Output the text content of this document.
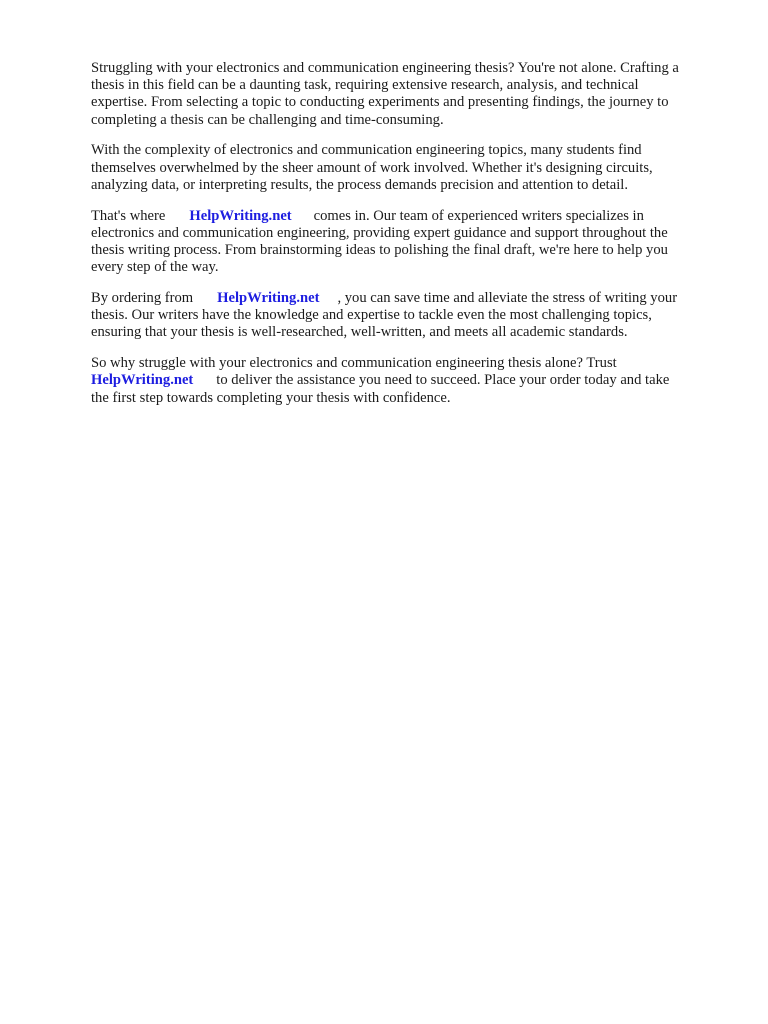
Struggling with your electronics and communication engineering thesis? You're not alone. Crafting a
thesis in this field can be a daunting task, requiring extensive research, analysis, and technical
expertise. From selecting a topic to conducting experiments and presenting findings, the journey to
completing a thesis can be challenging and time-consuming.

With the complexity of electronics and communication engineering topics, many students find
themselves overwhelmed by the sheer amount of work involved. Whether it's designing circuits,
analyzing data, or interpreting results, the process demands precision and attention to detail.

That's where HelpWriting.net comes in. Our team of experienced writers specializes in
electronics and communication engineering, providing expert guidance and support throughout the
thesis writing process. From brainstorming ideas to polishing the final draft, we're here to help you
every step of the way.

By ordering from HelpWriting.net , you can save time and alleviate the stress of writing your
thesis. Our writers have the knowledge and expertise to tackle even the most challenging topics,
ensuring that your thesis is well-researched, well-written, and meets all academic standards.

So why struggle with your electronics and communication engineering thesis alone? Trust
HelpWriting.net to deliver the assistance you need to succeed. Place your order today and take
the first step towards completing your thesis with confidence.
